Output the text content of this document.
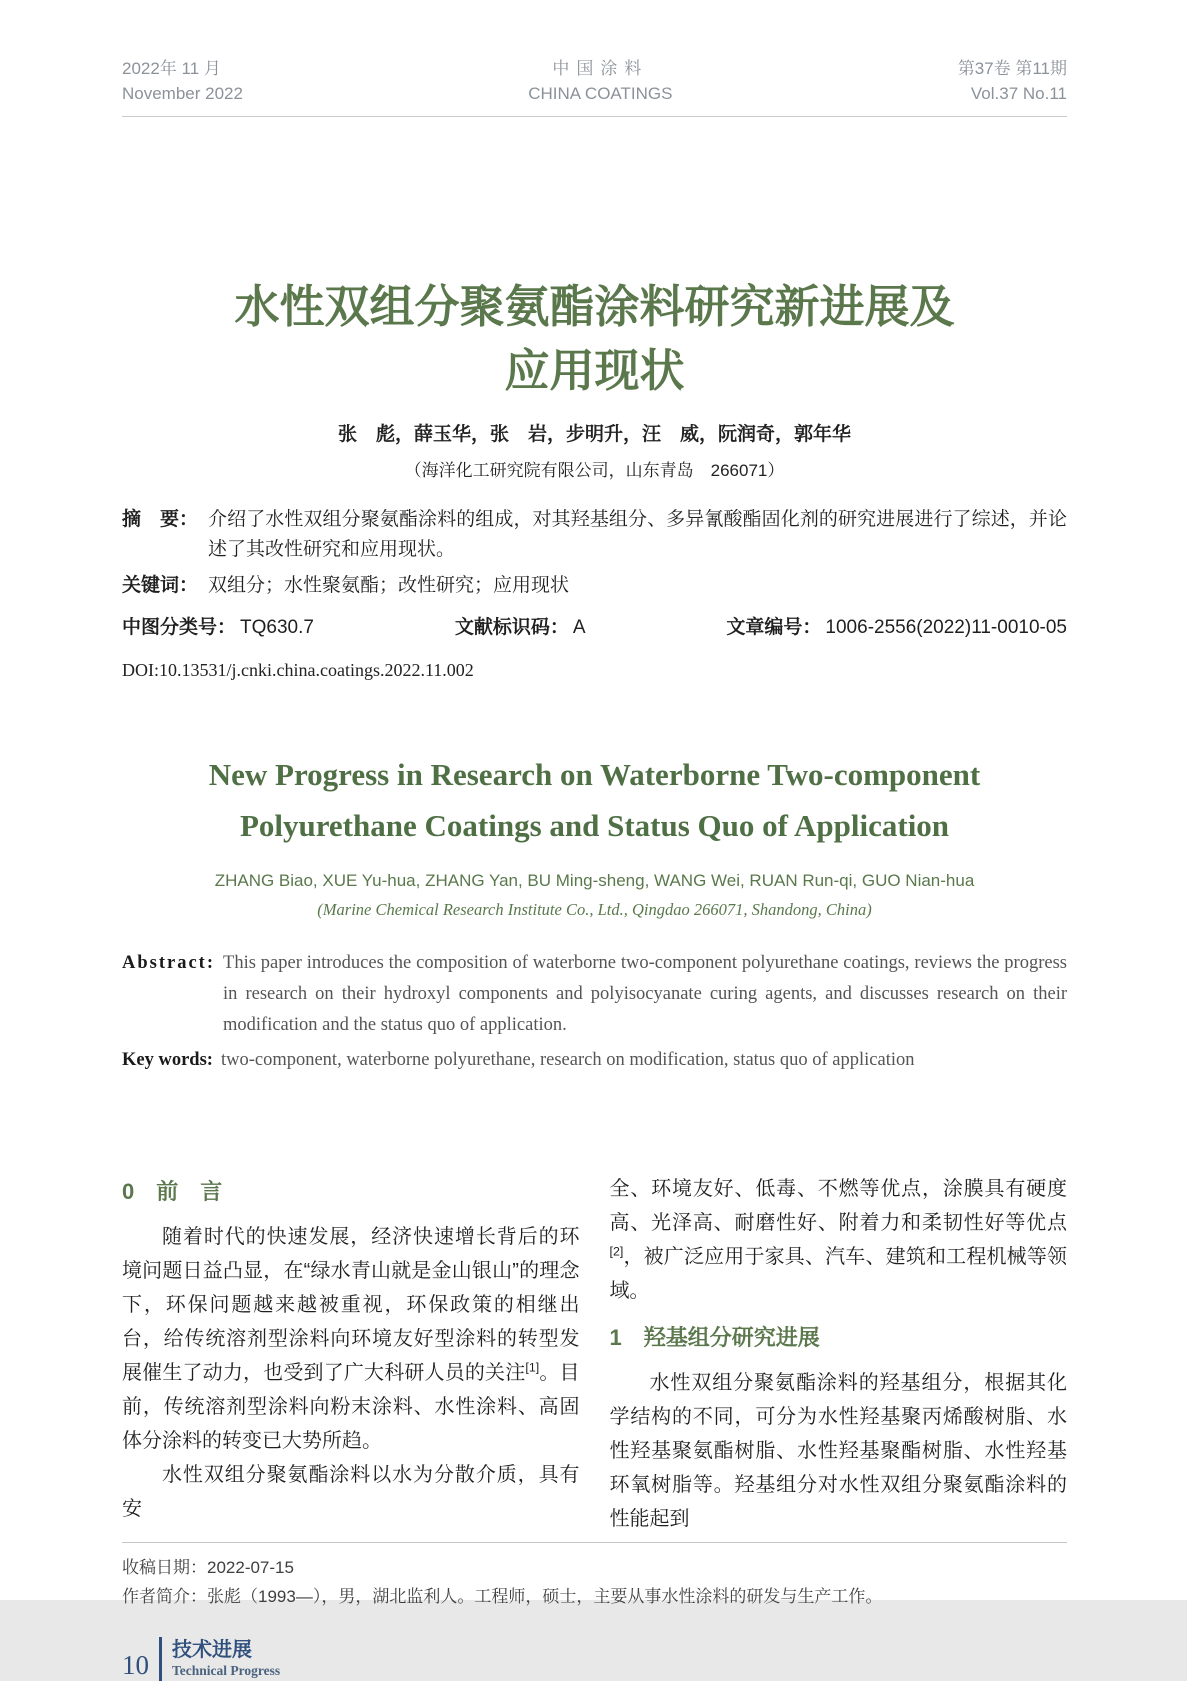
2022年 11 月
November 2022
中国涂料
CHINA COATINGS
第37卷 第11期
Vol.37 No.11
水性双组分聚氨酯涂料研究新进展及
应用现状
张　彪，薛玉华，张　岩，步明升，汪　威，阮润奇，郭年华
（海洋化工研究院有限公司，山东青岛　266071）
摘　要： 介绍了水性双组分聚氨酯涂料的组成，对其羟基组分、多异氰酸酯固化剂的研究进展进行了综述，并论述了其改性研究和应用现状。
关键词： 双组分；水性聚氨酯；改性研究；应用现状
中图分类号： TQ630.7	文献标识码： A	文章编号： 1006-2556(2022)11-0010-05
DOI:10.13531/j.cnki.china.coatings.2022.11.002
New Progress in Research on Waterborne Two-component
Polyurethane Coatings and Status Quo of Application
ZHANG Biao, XUE Yu-hua, ZHANG Yan, BU Ming-sheng, WANG Wei, RUAN Run-qi, GUO Nian-hua
(Marine Chemical Research Institute Co., Ltd., Qingdao 266071, Shandong, China)
Abstract: This paper introduces the composition of waterborne two-component polyurethane coatings, reviews the progress in research on their hydroxyl components and polyisocyanate curing agents, and discusses research on their modification and the status quo of application.
Key words: two-component, waterborne polyurethane, research on modification, status quo of application
0　前　言

随着时代的快速发展，经济快速增长背后的环境问题日益凸显，在“绿水青山就是金山银山”的理念下，环保问题越来越被重视，环保政策的相继出台，给传统溶剂型涂料向环境友好型涂料的转型发展催生了动力，也受到了广大科研人员的关注[1]。目前，传统溶剂型涂料向粉末涂料、水性涂料、高固体分涂料的转变已大势所趋。

水性双组分聚氨酯涂料以水为分散介质，具有安

全、环境友好、低毒、不燃等优点，涂膜具有硬度高、光泽高、耐磨性好、附着力和柔韧性好等优点[2]，被广泛应用于家具、汽车、建筑和工程机械等领域。

1　羟基组分研究进展

水性双组分聚氨酯涂料的羟基组分，根据其化学结构的不同，可分为水性羟基聚丙烯酸树脂、水性羟基聚氨酯树脂、水性羟基聚酯树脂、水性羟基环氧树脂等。羟基组分对水性双组分聚氨酯涂料的性能起到

收稿日期：2022-07-15
作者简介：张彪（1993—），男，湖北监利人。工程师，硕士，主要从事水性涂料的研发与生产工作。
10 技术进展
Technical Progress
